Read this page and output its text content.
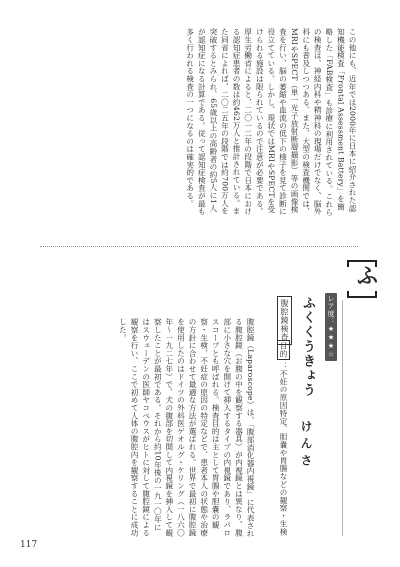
この他にも、近年では2000年に日本に紹介された認知機能検査「Frontal Assessment Battery」を簡略した「FAB検査」も診療に利用されている。これらの検査は、神経内科や精神科の現場だけでなく、脳外科にも普及しつつある。また、大型の検査機関では、MRIやSPECT（単一光子放射断層撮影）等の画像検査を行い、脳の萎縮や血流の低下の様子を見て診断に役立てている。しかし、現状ではMRIやSPECTを受けられる施設は限られているので注意が必要である。厚生労働省によると、二〇一二年の段階で日本における認知症患者の数は約462万人と推計されている。また同省によれば、二〇二五年の段階では約700万人を突破するとみられ、65歳以上の高齢者の約5人に1人が認知症になる計算である。従って認知症検査が最も多く行われる検査の一つになるのは確実的である。
ふ
レア度：★★★☆
ふくくうきょう
けんさ
腹腔鏡検査
目的：不妊の原因特定、胆嚢や胃腸などの観察・生検
腹腔鏡（Laparoscope）は、「腹部消化器内視鏡」に代表される腹腔鏡（お腹の中を観察する器具）が内視鏡とは異なり、腹部に小さな穴を開けて挿入するタイプの内視鏡であり、ラパロスコープとも呼ばれる。検査目的は主として胃腸や胆嚢の観察・生検、不妊症の原因の特定などで、患者本人の状態や治療の方針に合わせて最適な方法が選ばれる。世界で最初に腹腔鏡を使用したのはドイツの外科医ゲオルグ・ケリング（一八六〇年〜一九二七年）で、犬の腹部を切開して内視鏡を挿入して観察したことが最初である。それから約10年後の一九一〇年にはスウェーデンの医師ヤコベウスがヒトに対して腹腔鏡による観察を行い、ここで初めて人体の腹腔内を観察することに成功した。
117
